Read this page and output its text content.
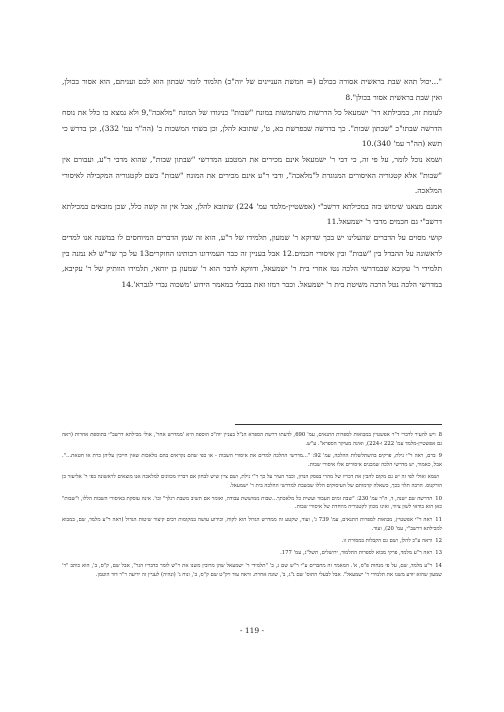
"...יכול תהא שבת בראשית אסורה בכולם (= חמשת העניינים של יוה"כ) תלמוד לומר שבתון הוא לכם ועניתם, הוא אסור בכולן, ואין שבת בראשית אסור בכולן".8

לעומת זה, במכילתא דר' ישמעאל כל הדרשות משתמשות במונח "שבות" כניגודו של המונח "מלאכה",9 ולא נמצא בו כלל את נוסח הדרשה שבתו"כ "שבתון שבות". כך בדרשה שבפרשת בא, ט', שתובא להלן, וכן בשתי המשכות כ' (הה"ר עמ' 332), וכן בדרש כי תשא (הה"ר עמ' 340).10

ושמא נוכל לומר, על פי זה, כי דבי ר' ישמעאל אינם מכירים את המטבע המדרשי "שבתון שבות", שהוא מדבי ר"ע, ועבורם אין "שבות" אלא קטגוריה האיסורים המנוגדת ל"מלאכה", ודבי ר"ע אינם מכירים את המונח "שבות" כשם לקטגוריה המקבילה לאיסורי המלאכה.

אמנם מצאנו שימוש כזה במכילתא דרשב"י (אפשטיין-מלמד עמ' 224) שתובא להלן, אבל אין זה קשה כלל, שכן מובאים במכילתא דרשב"י גם חכמים מדבי ר' ישמעאל.11

קושי מסוים על הדברים שהעלינו יש בכך שדוקא ר' שמעון, תלמידו של ר"ע, הוא זה שמן הדברים המיוחסים לו במשנה אנו למדים לראשונה על ההבדל בין "שבות" ובין איסורי חכמים.12 אבל בעניין זה כבר העמידונו רבותינו החוקרים13 על כך שר"ש לא נמנה בין תלמידי ר' עקיבא שבמדרשי הלכה נטו אחרי בית ר' ישמעאל, ודווקא לדבר הוא ר' שמעון בן יוחאי, תלמידו הוותיק של ר' עקיבא, במדרשי הלכה נטל הרבה משיטת בית ר' ישמעאל. וכבר רמזו זאת בבבלי במאמר הידוע 'משכוה גברי לגברא'.14

8ויש להעיר לדברי ד"ר אפשטיין במבואות לספרות התנאים, עמ' 690, לדעתו דרשת הספרא הנ"ל בעניין יוה"כ הוספה היא 'ממדרש אחר', אולי מכילתא דרשב"י בתוספת אחרות (ראה גם אפשטיין-מלמד עמ' 222 ו-224), ואינה מעיקר הספרא". ע"ש.

9ברם, ראה ר"י גילת, פרקים בהשתלשלות ההלכה, עמ' 92: "...מדרשי ההלכה למדים את איסורי השבות - או כפי שהם נקראים בהם מלאכות שאין חייבין עליהן כרת או חטאת...". אבל, כאמור, יש מדרשי הלכה שמכנים איסורים אלו איסורי שבות.

ושמא ואולי לפי זה יש גם מקום להבין את דבריו של מהרי בפסק הנדון, וכבר העיר על כך ר"י גילת, ושם ציין שיש לבחון אם דבריו מכוונים למלאכה אנו מוצאים לראשונה בפי ר' אליעזר בן הורקנוס. הרבה תלוי בכך, כשאלה קדמותם של העיסוקים הללו שבשבת למדרשי ההלכה בית ר' ישמעאל.

10הדרשה שם ישנה, ד, ה"ר עמ' 230: "שבת זמים תעבוד ועשית כל מלאכתך...שבות ממוששת עבודה, ואומר אם תשיב משבת רגלך" וכו'. אינה עוסקת באיסורי השבות הללו, ו"שבות" כאן הוא בודאי לשון ציווי, ואינו מכוון לקטגוריה מיוחדת של איסורי שבות.

11ראה ר"י אפשטיין, מבואות לספרות התנאים, עמ' 739 ג', ועוד, שקטע זה ממדרש הגדול הוא לקוח, וכידוע עושה במקומות רבים קיצור שיטות הגדול (ראה ר"ע מלמד, שם, במבוא למכילתא דרשב"י, עמ' 20), ועוד.

12וראה ע"כ להלן, ושם גם הקבלות במסורת זו.

13ראה ר"ע מלמד, פרקי מבוא לספרות התלמוד, ירושלים, תשל"ג, עמ' 177.

14ר"ע מלמד, שם, על פי מנחות פ"ס, א'. המאמר זה מחברים ע"י ר"ש שם ג, ב' "תלמידי ר' ישמעאל שהן מרובין משנו את ר"ש לומר כדבריו הגר", אבל שם, ק"ס, ב', הוא כותב "ר' שמעון שהוא יודע משנו את תלמידי ר' ישמעאל". אבל לבעלי התוס' שם נ"ג, ב', שונה אחרת. וראה עוד ויק"ט שם ק"ס, ב', ונוח ג' (ונהיה) לעניין זה ידיעה ר"ר דוד הוטמן.

- 119 -
